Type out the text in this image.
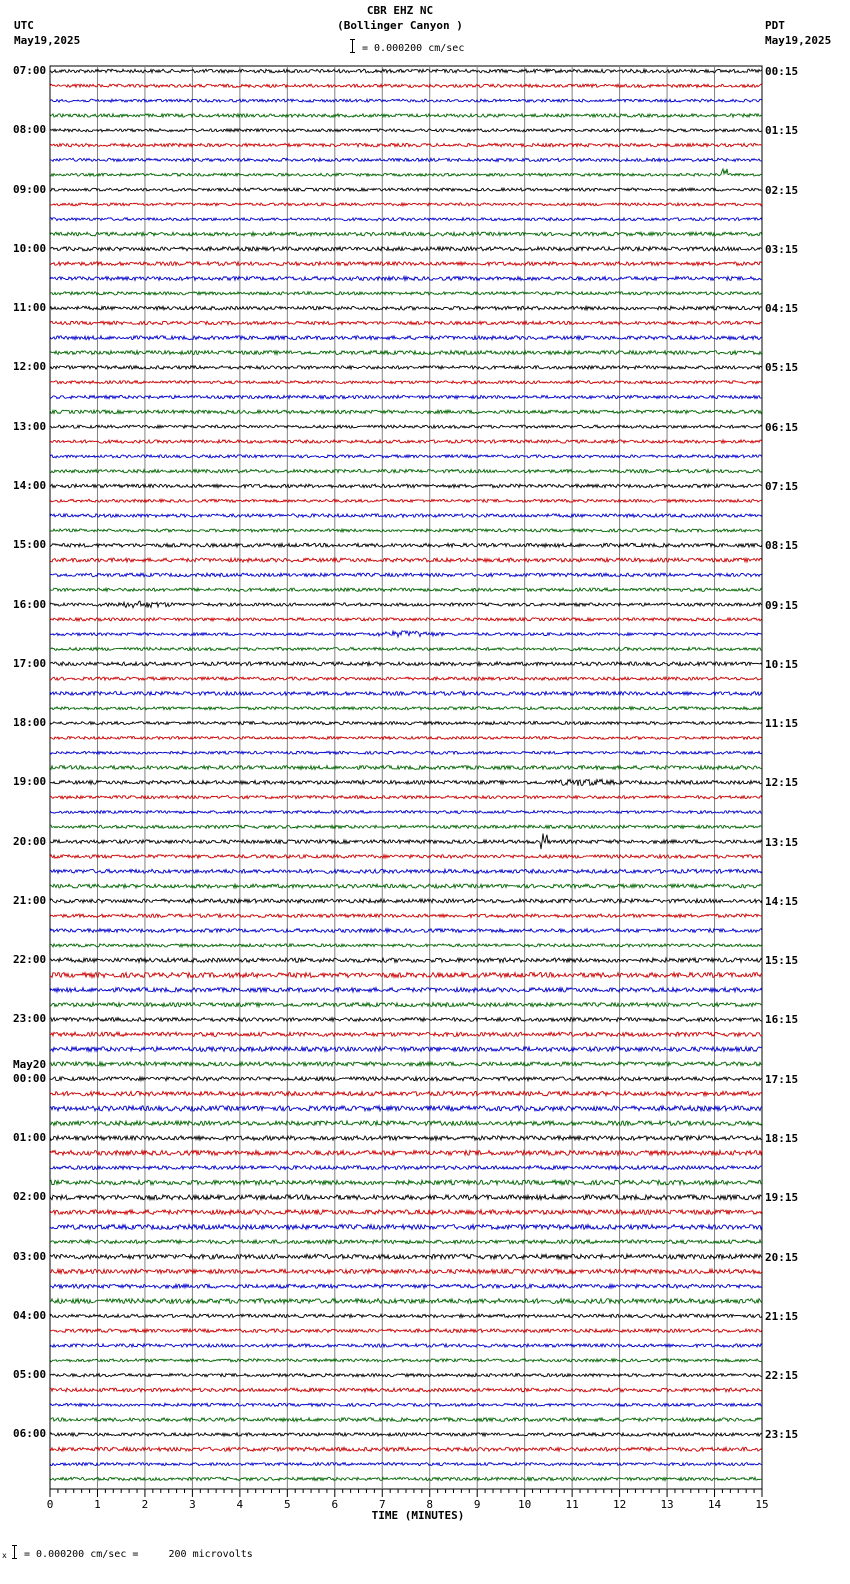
CBR EHZ NC
(Bollinger Canyon )
= 0.000200 cm/sec
UTC
May19,2025
PDT
May19,2025
0	1	2	3	4	5	6	7	8	9	10	11	12	13	14	15
07:00
08:00
09:00
10:00
11:00
12:00
13:00
14:00
15:00
16:00
17:00
18:00
19:00
20:00
21:00
22:00
23:00
00:00
May20
01:00
02:00
03:00
04:00
05:00
06:00
00:15
01:15
02:15
03:15
04:15
05:15
06:15
07:15
08:15
09:15
10:15
11:15
12:15
13:15
14:15
15:15
16:15
17:15
18:15
19:15
20:15
21:15
22:15
23:15
TIME (MINUTES)
x = 0.000200 cm/sec =     200 microvolts
